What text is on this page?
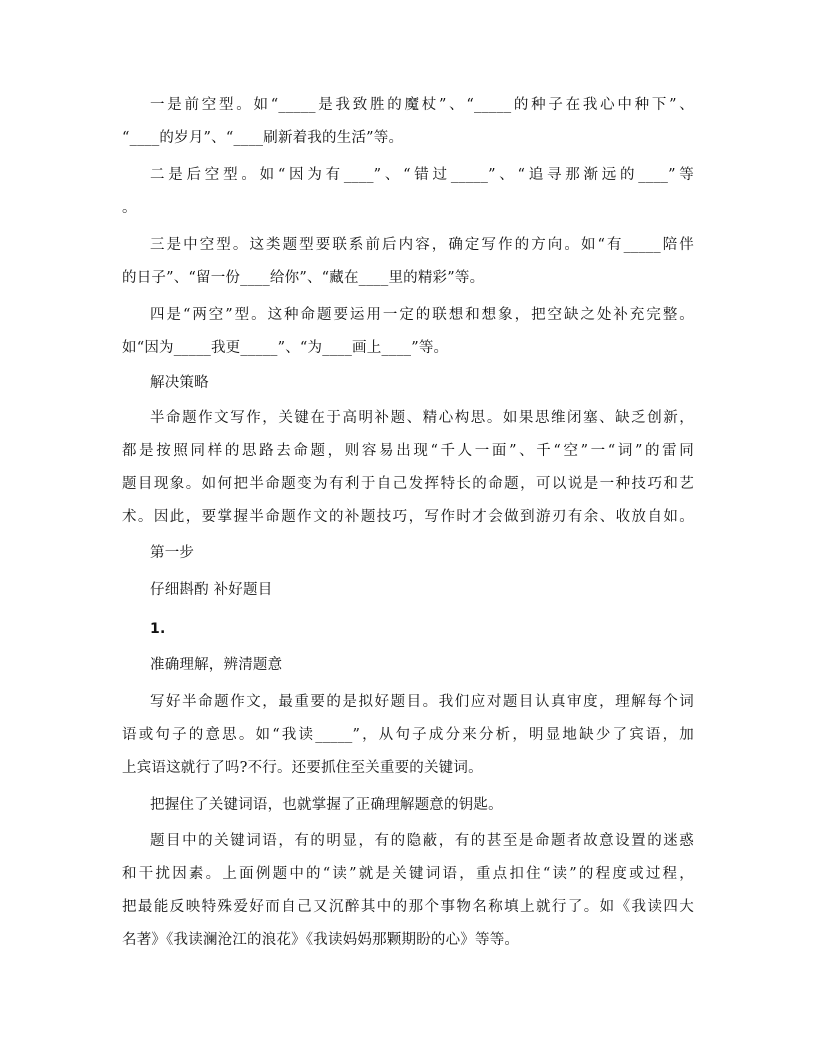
一是前空型。如“_____是我致胜的魔杖”、“_____的种子在我心中种下”、
“____的岁月”、“____刷新着我的生活”等。
二是后空型。如“因为有____”、“错过_____”、“追寻那渐远的____”等
。
三是中空型。这类题型要联系前后内容，确定写作的方向。如“有_____陪伴
的日子”、“留一份____给你”、“藏在____里的精彩”等。
四是“两空”型。这种命题要运用一定的联想和想象，把空缺之处补充完整。
如“因为_____我更_____”、“为____画上____”等。
解决策略
半命题作文写作，关键在于高明补题、精心构思。如果思维闭塞、缺乏创新，
都是按照同样的思路去命题，则容易出现“千人一面”、千“空”一“词”的雷同
题目现象。如何把半命题变为有利于自己发挥特长的命题，可以说是一种技巧和艺
术。因此，要掌握半命题作文的补题技巧，写作时才会做到游刃有余、收放自如。
第一步
仔细斟酌 补好题目
1.
准确理解，辨清题意
写好半命题作文，最重要的是拟好题目。我们应对题目认真审度，理解每个词
语或句子的意思。如“我读_____”，从句子成分来分析，明显地缺少了宾语，加
上宾语这就行了吗?不行。还要抓住至关重要的关键词。
把握住了关键词语，也就掌握了正确理解题意的钥匙。
题目中的关键词语，有的明显，有的隐蔽，有的甚至是命题者故意设置的迷惑
和干扰因素。上面例题中的“读”就是关键词语，重点扣住“读”的程度或过程，
把最能反映特殊爱好而自己又沉醉其中的那个事物名称填上就行了。如《我读四大
名著》《我读澜沧江的浪花》《我读妈妈那颗期盼的心》等等。
